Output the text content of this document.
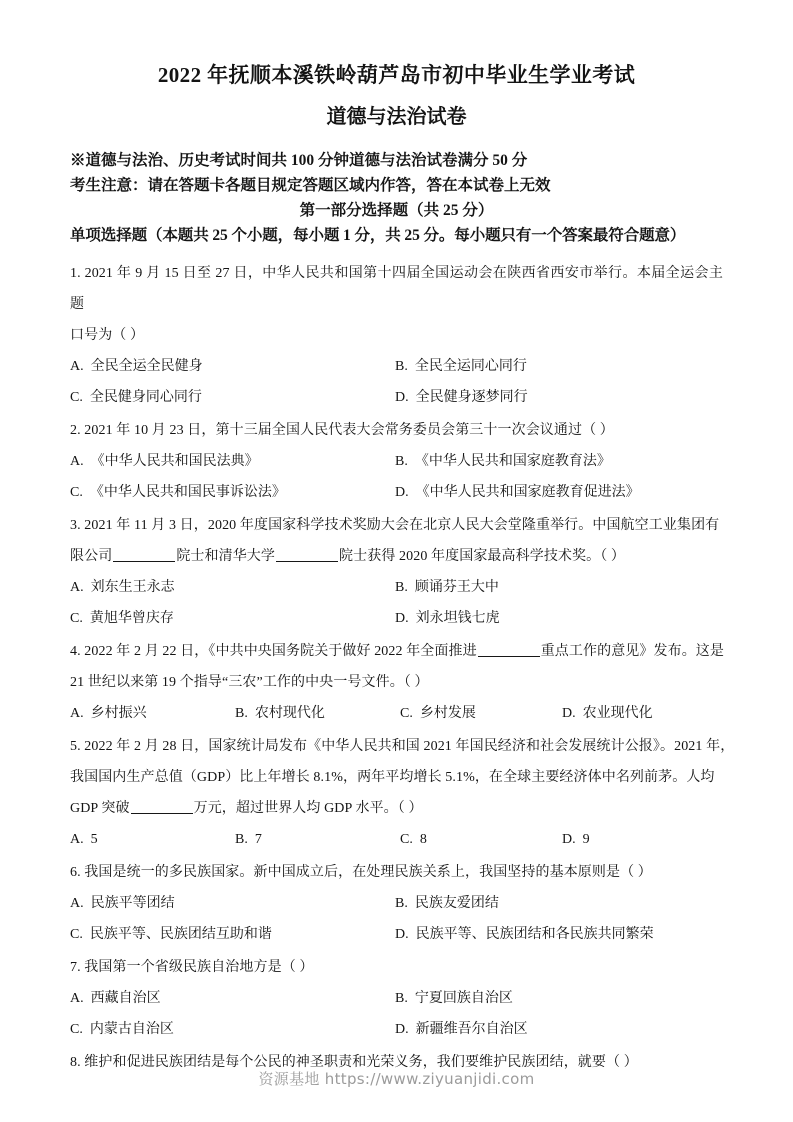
2022 年抚顺本溪铁岭葫芦岛市初中毕业生学业考试
道德与法治试卷
※道德与法治、历史考试时间共 100 分钟道德与法治试卷满分 50 分
考生注意：请在答题卡各题目规定答题区域内作答，答在本试卷上无效
第一部分选择题（共 25 分）
单项选择题（本题共 25 个小题，每小题 1 分，共 25 分。每小题只有一个答案最符合题意）
1. 2021 年 9 月 15 日至 27 日，中华人民共和国第十四届全国运动会在陕西省西安市举行。本届全运会主题
口号为（ ）
A. 全民全运全民健身	B. 全民全运同心同行
C. 全民健身同心同行	D. 全民健身逐梦同行
2. 2021 年 10 月 23 日，第十三届全国人民代表大会常务委员会第三十一次会议通过（ ）
A. 《中华人民共和国民法典》	B. 《中华人民共和国家庭教育法》
C. 《中华人民共和国民事诉讼法》	D. 《中华人民共和国家庭教育促进法》
3. 2021 年 11 月 3 日，2020 年度国家科学技术奖励大会在北京人民大会堂隆重举行。中国航空工业集团有
限公司	院士和清华大学	院士获得 2020 年度国家最高科学技术奖。（ ）
A. 刘东生王永志	B. 顾诵芬王大中
C. 黄旭华曾庆存	D. 刘永坦钱七虎
4. 2022 年 2 月 22 日，《中共中央国务院关于做好 2022 年全面推进	重点工作的意见》发布。这是
21 世纪以来第 19 个指导“三农”工作的中央一号文件。（ ）
A. 乡村振兴	B. 农村现代化	C. 乡村发展	D. 农业现代化
5. 2022 年 2 月 28 日，国家统计局发布《中华人民共和国 2021 年国民经济和社会发展统计公报》。2021 年，
我国国内生产总值（GDP）比上年增长 8.1%，两年平均增长 5.1%，在全球主要经济体中名列前茅。人均
GDP 突破	万元，超过世界人均 GDP 水平。（ ）
A. 5	B. 7	C. 8	D. 9
6. 我国是统一的多民族国家。新中国成立后，在处理民族关系上，我国坚持的基本原则是（ ）
A. 民族平等团结	B. 民族友爱团结
C. 民族平等、民族团结互助和谐	D. 民族平等、民族团结和各民族共同繁荣
7. 我国第一个省级民族自治地方是（ ）
A. 西藏自治区	B. 宁夏回族自治区
C. 内蒙古自治区	D. 新疆维吾尔自治区
8. 维护和促进民族团结是每个公民的神圣职责和光荣义务，我们要维护民族团结，就要（ ）
资源基地 https://www.ziyuanjidi.com
